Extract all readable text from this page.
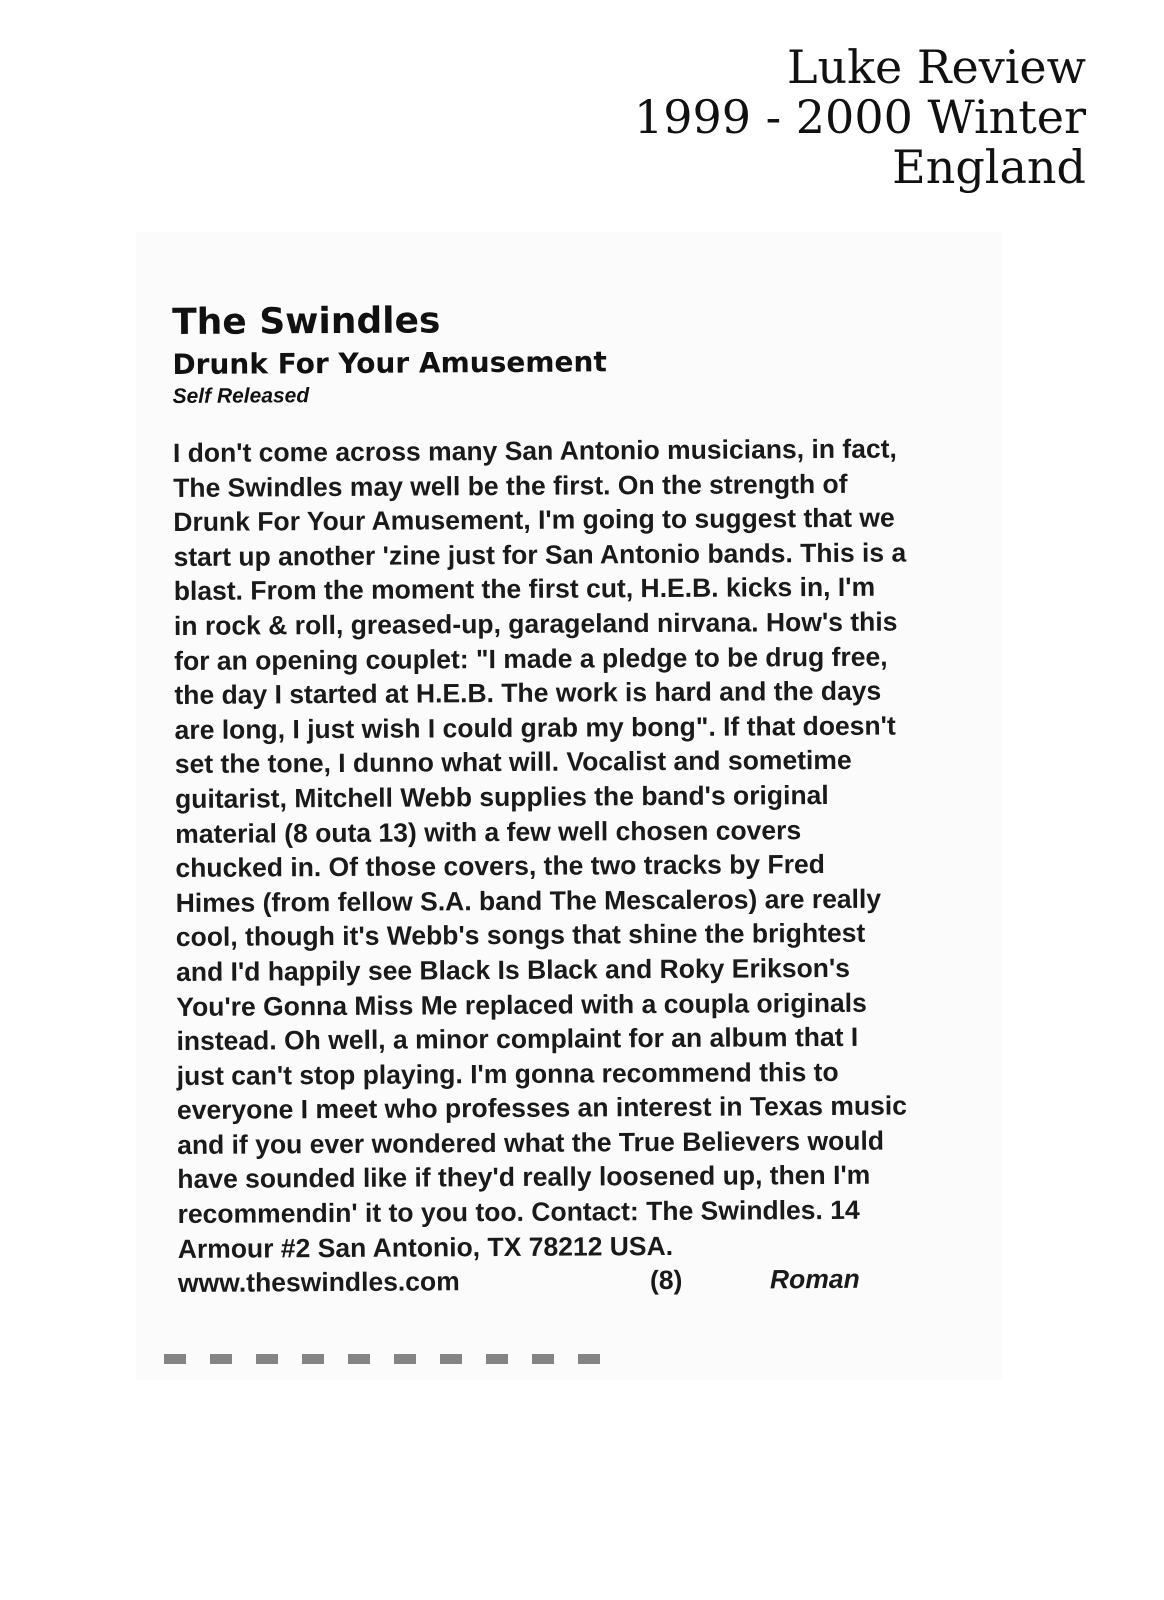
Luke Review
1999 - 2000 Winter
England
The Swindles
Drunk For Your Amusement
Self Released
I don't come across many San Antonio musicians, in fact,
The Swindles may well be the first. On the strength of
Drunk For Your Amusement, I'm going to suggest that we
start up another 'zine just for San Antonio bands. This is a
blast. From the moment the first cut, H.E.B. kicks in, I'm
in rock & roll, greased-up, garageland nirvana. How's this
for an opening couplet: "I made a pledge to be drug free,
the day I started at H.E.B. The work is hard and the days
are long, I just wish I could grab my bong". If that doesn't
set the tone, I dunno what will. Vocalist and sometime
guitarist, Mitchell Webb supplies the band's original
material (8 outa 13) with a few well chosen covers
chucked in. Of those covers, the two tracks by Fred
Himes (from fellow S.A. band The Mescaleros) are really
cool, though it's Webb's songs that shine the brightest
and I'd happily see Black Is Black and Roky Erikson's
You're Gonna Miss Me replaced with a coupla originals
instead. Oh well, a minor complaint for an album that I
just can't stop playing. I'm gonna recommend this to
everyone I meet who professes an interest in Texas music
and if you ever wondered what the True Believers would
have sounded like if they'd really loosened up, then I'm
recommendin' it to you too. Contact: The Swindles. 14
Armour #2 San Antonio, TX 78212 USA.
www.theswindles.com	(8)	Roman
